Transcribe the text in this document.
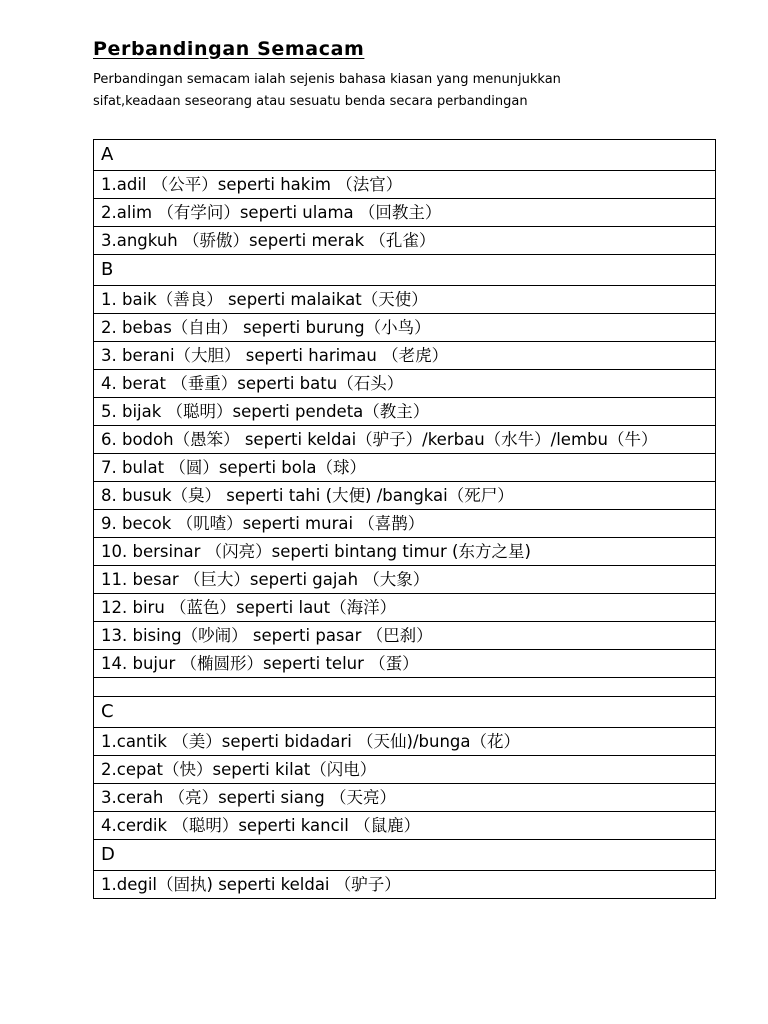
Perbandingan Semacam
Perbandingan semacam ialah sejenis bahasa kiasan yang menunjukkan
sifat,keadaan seseorang atau sesuatu benda secara perbandingan
A
1.adil （公平）seperti hakim （法官）
2.alim （有学问）seperti ulama （回教主）
3.angkuh （骄傲）seperti merak （孔雀）
B
1. baik（善良） seperti malaikat（天使）
2. bebas（自由） seperti burung（小鸟）
3. berani（大胆） seperti harimau （老虎）
4. berat （垂重）seperti batu（石头）
5. bijak （聪明）seperti pendeta（教主）
6. bodoh（愚笨） seperti keldai（驴子）/kerbau（水牛）/lembu（牛）
7. bulat （圆）seperti bola（球）
8. busuk（臭） seperti tahi (大便) /bangkai（死尸）
9. becok （叽喳）seperti murai （喜鹊）
10. bersinar （闪亮）seperti bintang timur (东方之星)
11. besar （巨大）seperti gajah （大象）
12. biru （蓝色）seperti laut（海洋）
13. bising（吵闹） seperti pasar （巴刹）
14. bujur （椭圆形）seperti telur （蛋）

C
1.cantik （美）seperti bidadari （天仙)/bunga（花）
2.cepat（快）seperti kilat（闪电）
3.cerah （亮）seperti siang （天亮）
4.cerdik （聪明）seperti kancil （鼠鹿）
D
1.degil（固执) seperti keldai （驴子）
